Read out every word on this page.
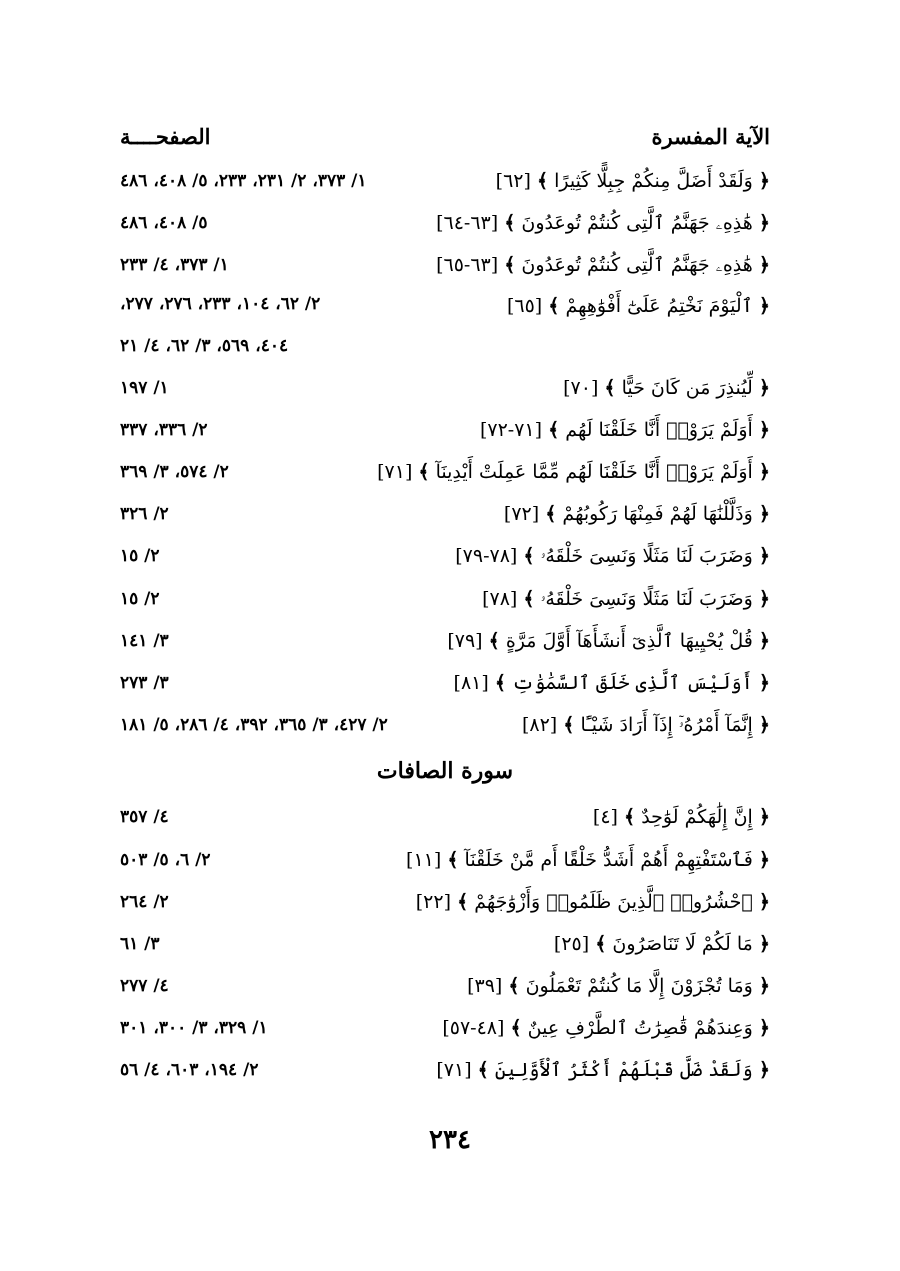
الآية المفسرة
الصفحــــة
﴿ وَلَقَدْ أَضَلَّ مِنكُمْ جِبِلًّا كَثِيرًا ﴾ [٦٢]
١/ ٣٧٣، ٢/ ٢٣١، ٢٣٣، ٥/ ٤٠٨، ٤٨٦
﴿ هَٰذِهِۦ جَهَنَّمُ ٱلَّتِى كُنتُمْ تُوعَدُونَ ﴾ [٦٣-٦٤]
٥/ ٤٠٨، ٤٨٦
﴿ هَٰذِهِۦ جَهَنَّمُ ٱلَّتِى كُنتُمْ تُوعَدُونَ ﴾ [٦٣-٦٥]
١/ ٣٧٣، ٤/ ٢٣٣
﴿ ٱلْيَوْمَ نَخْتِمُ عَلَىٰٓ أَفْوَٰهِهِمْ ﴾ [٦٥]
٢/ ٦٢، ١٠٤، ٢٣٣، ٢٧٦، ٢٧٧،
٤٠٤، ٥٦٩، ٣/ ٦٢، ٤/ ٢١
﴿ لِّيُنذِرَ مَن كَانَ حَيًّا ﴾ [٧٠]
١/ ١٩٧
﴿ أَوَلَمْ يَرَوْا۟ أَنَّا خَلَقْنَا لَهُم ﴾ [٧١-٧٢]
٢/ ٣٣٦، ٣٣٧
﴿ أَوَلَمْ يَرَوْا۟ أَنَّا خَلَقْنَا لَهُم مِّمَّا عَمِلَتْ أَيْدِينَآ ﴾ [٧١]
٢/ ٥٧٤، ٣/ ٣٦٩
﴿ وَذَلَّلْنَٰهَا لَهُمْ فَمِنْهَا رَكُوبُهُمْ ﴾ [٧٢]
٢/ ٣٢٦
﴿ وَضَرَبَ لَنَا مَثَلًا وَنَسِىَ خَلْقَهُۥ ﴾ [٧٨-٧٩]
٢/ ١٥
﴿ وَضَرَبَ لَنَا مَثَلًا وَنَسِىَ خَلْقَهُۥ ﴾ [٧٨]
٢/ ١٥
﴿ قُلْ يُحْيِيهَا ٱلَّذِىٓ أَنشَأَهَآ أَوَّلَ مَرَّةٍ ﴾ [٧٩]
٣/ ١٤١
﴿ أَوَلَيْسَ ٱلَّذِى خَلَقَ ٱلسَّمَٰوَٰتِ ﴾ [٨١]
٣/ ٢٧٣
﴿ إِنَّمَآ أَمْرُهُۥٓ إِذَآ أَرَادَ شَيْـًٔا ﴾ [٨٢]
٢/ ٤٢٧، ٣/ ٣٦٥، ٣٩٢، ٤/ ٢٨٦، ٥/ ١٨١
سورة الصافات
﴿ إِنَّ إِلَٰهَكُمْ لَوَٰحِدٌ ﴾ [٤]
٤/ ٣٥٧
﴿ فَٱسْتَفْتِهِمْ أَهُمْ أَشَدُّ خَلْقًا أَم مَّنْ خَلَقْنَآ ﴾ [١١]
٢/ ٦، ٥/ ٥٠٣
﴿ ٱحْشُرُوا۟ ٱلَّذِينَ ظَلَمُوا۟ وَأَزْوَٰجَهُمْ ﴾ [٢٢]
٢/ ٢٦٤
﴿ مَا لَكُمْ لَا تَنَاصَرُونَ ﴾ [٢٥]
٣/ ٦١
﴿ وَمَا تُجْزَوْنَ إِلَّا مَا كُنتُمْ تَعْمَلُونَ ﴾ [٣٩]
٤/ ٢٧٧
﴿ وَعِندَهُمْ قَٰصِرَٰتُ ٱلطَّرْفِ عِينٌ ﴾ [٤٨-٥٧]
١/ ٣٢٩، ٣/ ٣٠٠، ٣٠١
﴿ وَلَقَدْ ضَلَّ قَبْلَهُمْ أَكْثَرُ ٱلْأَوَّلِينَ ﴾ [٧١]
٢/ ١٩٤، ٦٠٣، ٤/ ٥٦
٢٣٤
